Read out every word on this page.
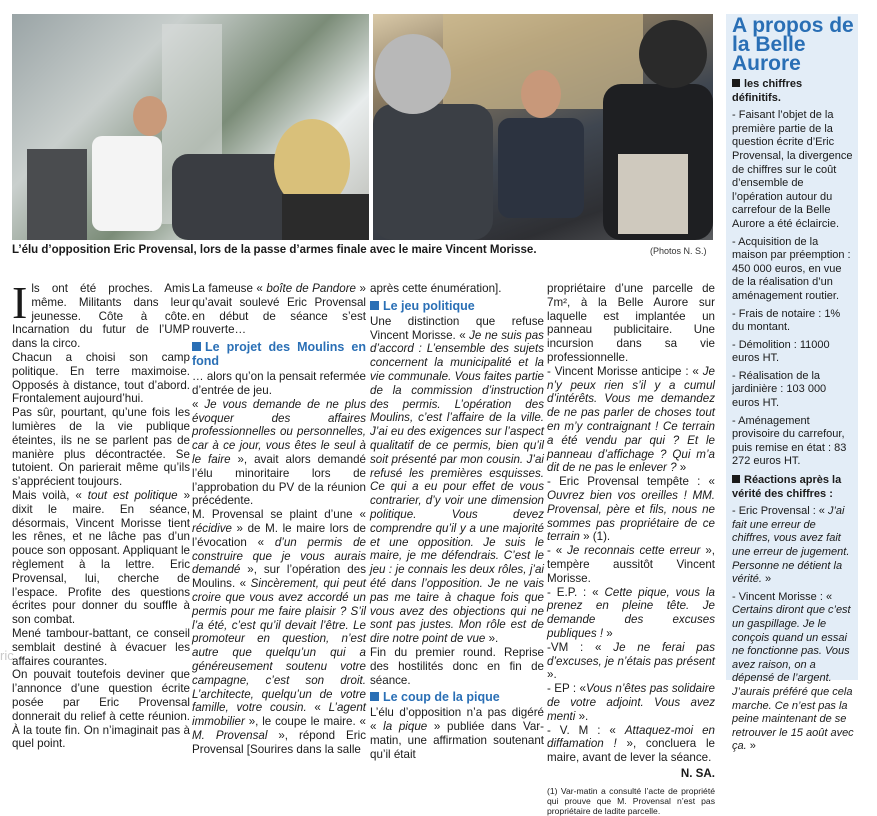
L’élu d’opposition Eric Provensal, lors de la passe d’armes finale avec le maire Vincent Morisse.	(Photos N. S.)

Ils ont été proches. Amis même. Militants dans leur jeunesse. Côte à côte. Incarnation du futur de l’UMP dans la circo.

Chacun a choisi son camp politique. En terre maximoise. Opposés à distance, tout d’abord. Frontalement aujourd’hui.

Pas sûr, pourtant, qu’une fois les lumières de la vie publique éteintes, ils ne se parlent pas de manière plus décontractée. Se tutoient. On parierait même qu’ils s’apprécient toujours.

Mais voilà, « tout est politique » dixit le maire. En séance, désormais, Vincent Morisse tient les rênes, et ne lâche pas d’un pouce son opposant. Appliquant le règlement à la lettre. Eric Provensal, lui, cherche de l’espace. Profite des questions écrites pour donner du souffle à son combat.

Mené tambour-battant, ce conseil semblait destiné à évacuer les affaires courantes.

On pouvait toutefois deviner que l’annonce d’une question écrite posée par Eric Provensal donnerait du relief à cette réunion. À la toute fin. On n’imaginait pas à quel point.

La fameuse « boîte de Pandore » qu’avait soulevé Eric Provensal en début de séance s’est rouverte…

Le projet des Moulins en fond

… alors qu’on la pensait refermée d’entrée de jeu.

« Je vous demande de ne plus évoquer des affaires professionnelles ou personnelles, car à ce jour, vous êtes le seul à le faire », avait alors demandé l’élu minoritaire lors de l’approbation du PV de la réunion précédente.

M. Provensal se plaint d’une « récidive » de M. le maire lors de l’évocation « d’un permis de construire que je vous aurais demandé », sur l’opération des Moulins. « Sincèrement, qui peut croire que vous avez accordé un permis pour me faire plaisir ? S’il l’a été, c’est qu’il devait l’être. Le promoteur en question, n’est autre que quelqu’un qui a généreusement soutenu votre campagne, c’est son droit. L’architecte, quelqu’un de votre famille, votre cousin. « L’agent immobilier », le coupe le maire. « M. Provensal », répond Eric Provensal [Sourires dans la salle

après cette énumération].

Le jeu politique

Une distinction que refuse Vincent Morisse. « Je ne suis pas d’accord : L’ensemble des sujets concernent la municipalité et la vie communale. Vous faites partie de la commission d’instruction des permis. L’opération des Moulins, c’est l’affaire de la ville. J’ai eu des exigences sur l’aspect qualitatif de ce permis, bien qu’il soit présenté par mon cousin. J’ai refusé les premières esquisses. Ce qui a eu pour effet de vous contrarier, d’y voir une dimension politique. Vous devez comprendre qu’il y a une majorité et une opposition. Je suis le maire, je me défendrais. C’est le jeu : je connais les deux rôles, j’ai été dans l’opposition. Je ne vais pas me taire à chaque fois que vous avez des objections qui ne sont pas justes. Mon rôle est de dire notre point de vue ».

Fin du premier round. Reprise des hostilités donc en fin de séance.

Le coup de la pique

L’élu d’opposition n’a pas digéré « la pique » publiée dans Var-matin, une affirmation soutenant qu’il était

propriétaire d’une parcelle de 7m², à la Belle Aurore sur laquelle est implantée un panneau publicitaire. Une incursion dans sa vie professionnelle.

- Vincent Morisse anticipe : « Je n’y peux rien s’il y a cumul d’intérêts. Vous me demandez de ne pas parler de choses tout en m’y contraignant ! Ce terrain a été vendu par qui ? Et le panneau d’affichage ? Qui m’a dit de ne pas le enlever ? »

- Eric Provensal tempête : « Ouvrez bien vos oreilles ! MM. Provensal, père et fils, nous ne sommes pas propriétaire de ce terrain » (1).

- « Je reconnais cette erreur », tempère aussitôt Vincent Morisse.

- E.P. : « Cette pique, vous la prenez en pleine tête. Je demande des excuses publiques ! »

-VM : « Je ne ferai pas d’excuses, je n’étais pas présent ».

- EP : «Vous n’êtes pas solidaire de votre adjoint. Vous avez menti ».

- V. M : « Attaquez-moi en diffamation ! », concluera le maire, avant de lever la séance.

N. SA.
(1) Var-matin a consulté l’acte de propriété qui prouve que M. Provensal n’est pas propriétaire de ladite parcelle.
A propos de la Belle Aurore
les chiffres définitifs.

- Faisant l’objet de la première partie de la question écrite d’Eric Provensal, la divergence de chiffres sur le coût d’ensemble de l’opération autour du carrefour de la Belle Aurore a été éclaircie.

- Acquisition de la maison par préemption : 450 000 euros, en vue de la réalisation d’un aménagement routier.

- Frais de notaire : 1% du montant.

- Démolition : 11000 euros HT.

- Réalisation de la jardinière : 103 000 euros HT.

- Aménagement provisoire du carrefour, puis remise en état : 83 272 euros HT.

Réactions après la vérité des chiffres :

- Eric Provensal : « J’ai fait une erreur de chiffres, vous avez fait une erreur de jugement. Personne ne détient la vérité. »

- Vincent Morisse : « Certains diront que c’est un gaspillage. Je le conçois quand un essai ne fonctionne pas. Vous avez raison, on a dépensé de l’argent. J’aurais préféré que cela marche. Ce n’est pas la peine maintenant de se retrouver le 15 août avec ça. »

ric
